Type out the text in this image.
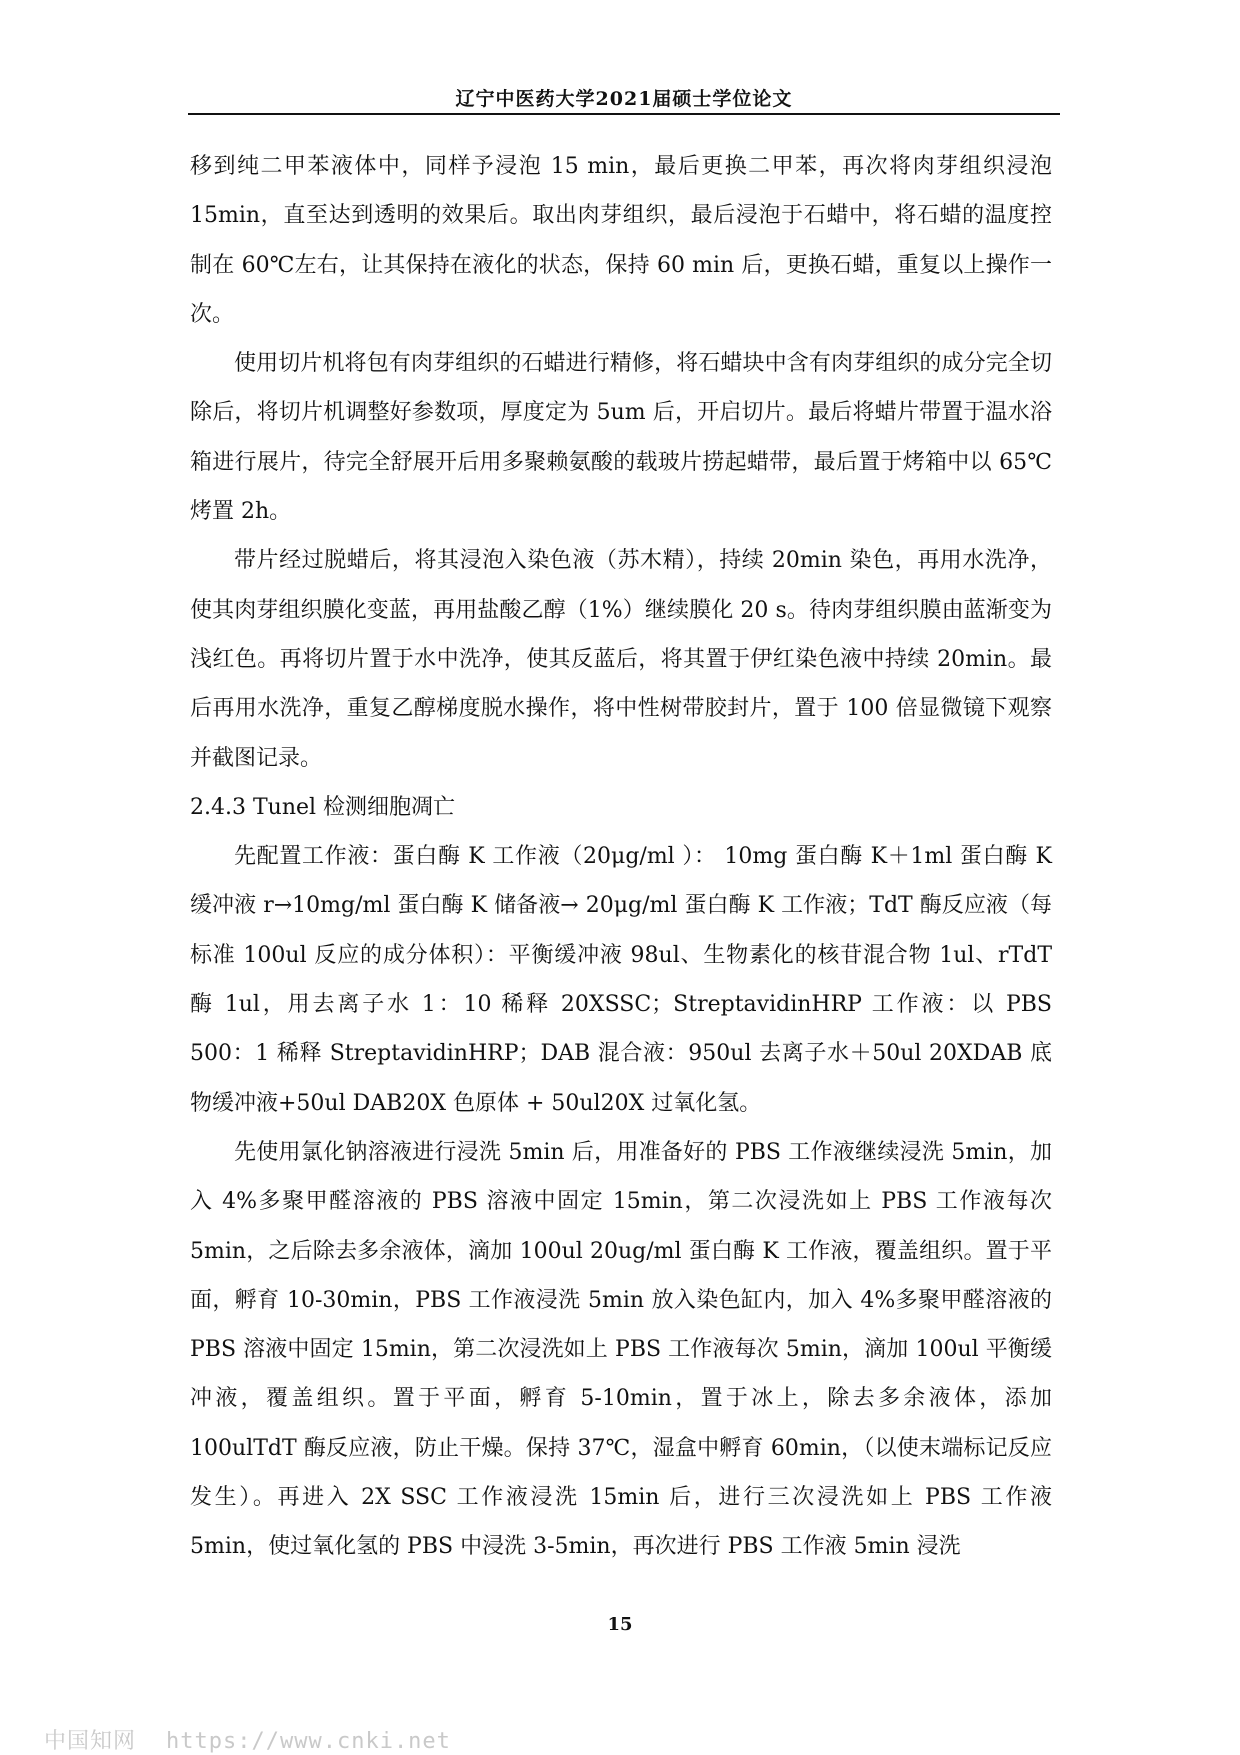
辽宁中医药大学2021届硕士学位论文

移到纯二甲苯液体中，同样予浸泡 15 min，最后更换二甲苯，再次将肉芽组织浸泡 15min，直至达到透明的效果后。取出肉芽组织，最后浸泡于石蜡中，将石蜡的温度控制在 60℃左右，让其保持在液化的状态，保持 60 min 后，更换石蜡，重复以上操作一次。

使用切片机将包有肉芽组织的石蜡进行精修，将石蜡块中含有肉芽组织的成分完全切除后，将切片机调整好参数项，厚度定为 5um 后，开启切片。最后将蜡片带置于温水浴箱进行展片，待完全舒展开后用多聚赖氨酸的载玻片捞起蜡带，最后置于烤箱中以 65℃烤置 2h。

带片经过脱蜡后，将其浸泡入染色液（苏木精），持续 20min 染色，再用水洗净，使其肉芽组织膜化变蓝，再用盐酸乙醇（1%）继续膜化 20 s。待肉芽组织膜由蓝渐变为浅红色。再将切片置于水中洗净，使其反蓝后，将其置于伊红染色液中持续 20min。最后再用水洗净，重复乙醇梯度脱水操作，将中性树带胶封片，置于 100 倍显微镜下观察并截图记录。

2.4.3 Tunel 检测细胞凋亡

先配置工作液：蛋白酶 K 工作液（20μg/ml ）： 10mg 蛋白酶 K＋1ml 蛋白酶 K 缓冲液 r→10mg/ml 蛋白酶 K 储备液→ 20μg/ml 蛋白酶 K 工作液；TdT 酶反应液（每标准 100ul 反应的成分体积）：平衡缓冲液 98ul、生物素化的核苷混合物 1ul、rTdT 酶 1ul，用去离子水 1：10 稀释 20XSSC；StreptavidinHRP 工作液：以 PBS 500：1 稀释 StreptavidinHRP；DAB 混合液：950ul 去离子水＋50ul 20XDAB 底物缓冲液+50ul DAB20X 色原体 + 50ul20X 过氧化氢。

先使用氯化钠溶液进行浸洗 5min 后，用准备好的 PBS 工作液继续浸洗 5min，加入 4%多聚甲醛溶液的 PBS 溶液中固定 15min，第二次浸洗如上 PBS 工作液每次 5min，之后除去多余液体，滴加 100ul 20ug/ml 蛋白酶 K 工作液，覆盖组织。置于平面，孵育 10-30min，PBS 工作液浸洗 5min 放入染色缸内，加入 4%多聚甲醛溶液的 PBS 溶液中固定 15min，第二次浸洗如上 PBS 工作液每次 5min，滴加 100ul 平衡缓冲液，覆盖组织。置于平面，孵育 5-10min，置于冰上，除去多余液体，添加 100ulTdT 酶反应液，防止干燥。保持 37℃，湿盒中孵育 60min，（以使末端标记反应发生）。再进入 2X SSC 工作液浸洗 15min 后，进行三次浸洗如上 PBS 工作液 5min，使过氧化氢的 PBS 中浸洗 3-5min，再次进行 PBS 工作液 5min 浸洗

15
中国知网 https://www.cnki.net
